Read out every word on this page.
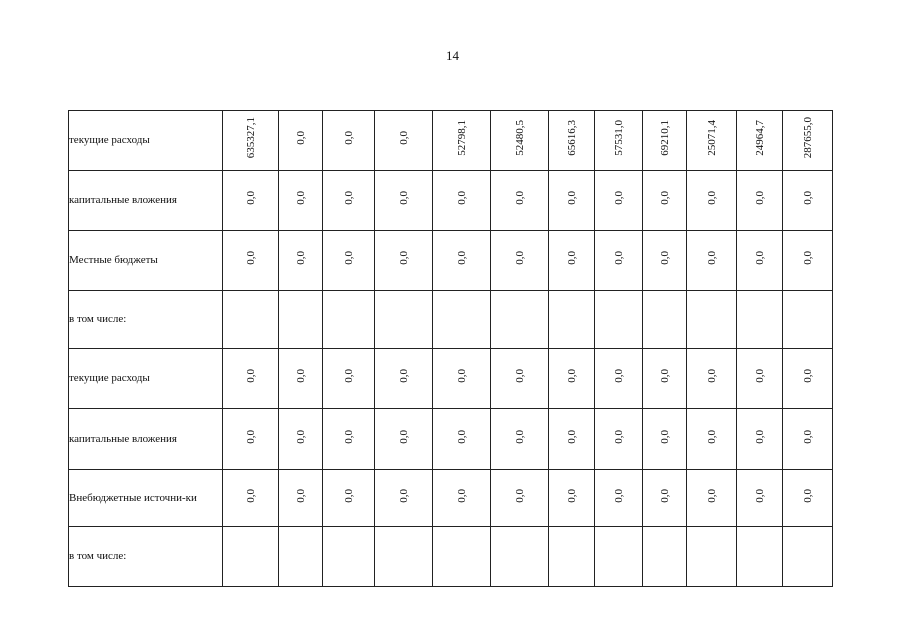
14
текущие расходы	635327,1	0,0	0,0	0,0	52798,1	52480,5	65616,3	57531,0	69210,1	25071,4	24964,7	287655,0
капитальные вложения	0,0	0,0	0,0	0,0	0,0	0,0	0,0	0,0	0,0	0,0	0,0	0,0
Местные бюджеты	0,0	0,0	0,0	0,0	0,0	0,0	0,0	0,0	0,0	0,0	0,0	0,0
в том числе:												
текущие расходы	0,0	0,0	0,0	0,0	0,0	0,0	0,0	0,0	0,0	0,0	0,0	0,0
капитальные вложения	0,0	0,0	0,0	0,0	0,0	0,0	0,0	0,0	0,0	0,0	0,0	0,0
Внебюджетные источни-ки	0,0	0,0	0,0	0,0	0,0	0,0	0,0	0,0	0,0	0,0	0,0	0,0
в том числе:												
